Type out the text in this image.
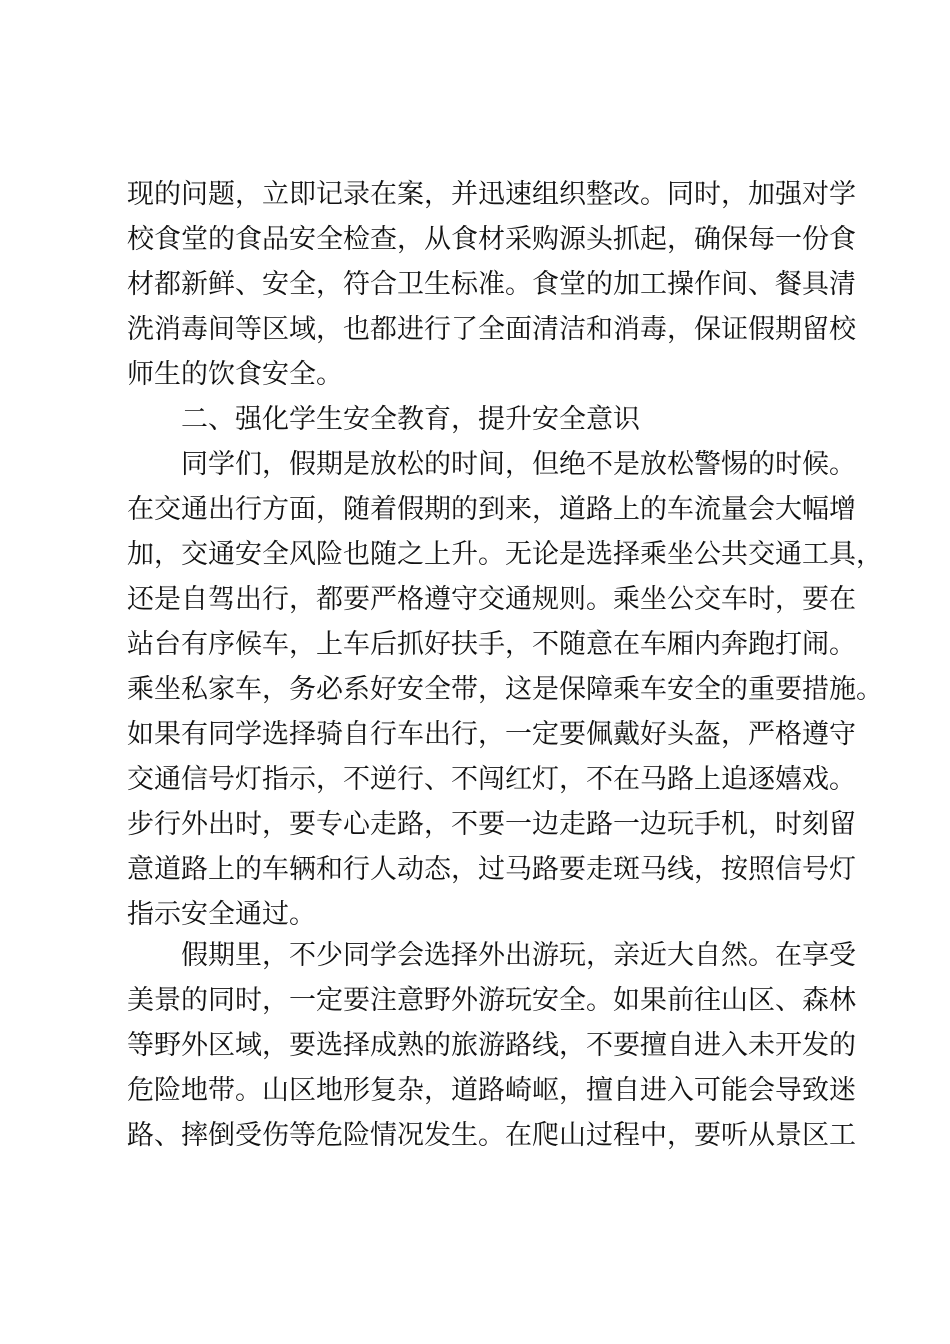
现的问题，立即记录在案，并迅速组织整改。同时，加强对学
校食堂的食品安全检查，从食材采购源头抓起，确保每一份食
材都新鲜、安全，符合卫生标准。食堂的加工操作间、餐具清
洗消毒间等区域，也都进行了全面清洁和消毒，保证假期留校
师生的饮食安全。
二、强化学生安全教育，提升安全意识
同学们，假期是放松的时间，但绝不是放松警惕的时候。
在交通出行方面，随着假期的到来，道路上的车流量会大幅增
加，交通安全风险也随之上升。无论是选择乘坐公共交通工具，
还是自驾出行，都要严格遵守交通规则。乘坐公交车时，要在
站台有序候车，上车后抓好扶手，不随意在车厢内奔跑打闹。
乘坐私家车，务必系好安全带，这是保障乘车安全的重要措施。
如果有同学选择骑自行车出行，一定要佩戴好头盔，严格遵守
交通信号灯指示，不逆行、不闯红灯，不在马路上追逐嬉戏。
步行外出时，要专心走路，不要一边走路一边玩手机，时刻留
意道路上的车辆和行人动态，过马路要走斑马线，按照信号灯
指示安全通过。
假期里，不少同学会选择外出游玩，亲近大自然。在享受
美景的同时，一定要注意野外游玩安全。如果前往山区、森林
等野外区域，要选择成熟的旅游路线，不要擅自进入未开发的
危险地带。山区地形复杂，道路崎岖，擅自进入可能会导致迷
路、摔倒受伤等危险情况发生。在爬山过程中，要听从景区工
